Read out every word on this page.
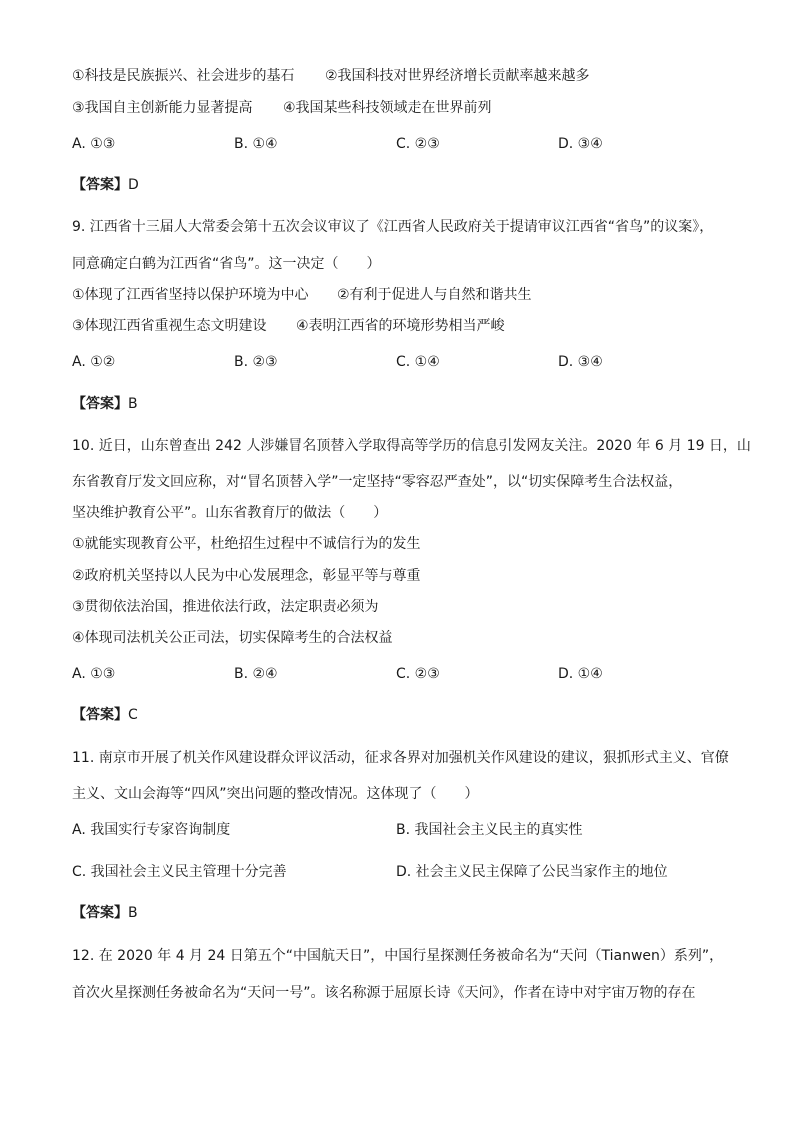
①科技是民族振兴、社会进步的基石 ②我国科技对世界经济增长贡献率越来越多
③我国自主创新能力显著提高 ④我国某些科技领域走在世界前列
A. ①③	B. ①④	C. ②③	D. ③④
【答案】D
9. 江西省十三届人大常委会第十五次会议审议了《江西省人民政府关于提请审议江西省“省鸟”的议案》，
同意确定白鹤为江西省“省鸟”。这一决定（　　）
①体现了江西省坚持以保护环境为中心 ②有利于促进人与自然和谐共生
③体现江西省重视生态文明建设 ④表明江西省的环境形势相当严峻
A. ①②	B. ②③	C. ①④	D. ③④
【答案】B
10. 近日，山东曾查出 242 人涉嫌冒名顶替入学取得高等学历的信息引发网友关注。2020 年 6 月 19 日，山
东省教育厅发文回应称，对“冒名顶替入学”一定坚持“零容忍严查处”，以“切实保障考生合法权益，
坚决维护教育公平”。山东省教育厅的做法（　　）
①就能实现教育公平，杜绝招生过程中不诚信行为的发生
②政府机关坚持以人民为中心发展理念，彰显平等与尊重
③贯彻依法治国，推进依法行政，法定职责必须为
④体现司法机关公正司法，切实保障考生的合法权益
A. ①③	B. ②④	C. ②③	D. ①④
【答案】C
11. 南京市开展了机关作风建设群众评议活动，征求各界对加强机关作风建设的建议，狠抓形式主义、官僚
主义、文山会海等“四风”突出问题的整改情况。这体现了（　　）
A. 我国实行专家咨询制度	B. 我国社会主义民主的真实性
C. 我国社会主义民主管理十分完善	D. 社会主义民主保障了公民当家作主的地位
【答案】B
12. 在 2020 年 4 月 24 日第五个“中国航天日”，中国行星探测任务被命名为“天问（Tianwen）系列”，
首次火星探测任务被命名为“天问一号”。该名称源于屈原长诗《天问》，作者在诗中对宇宙万物的存在
